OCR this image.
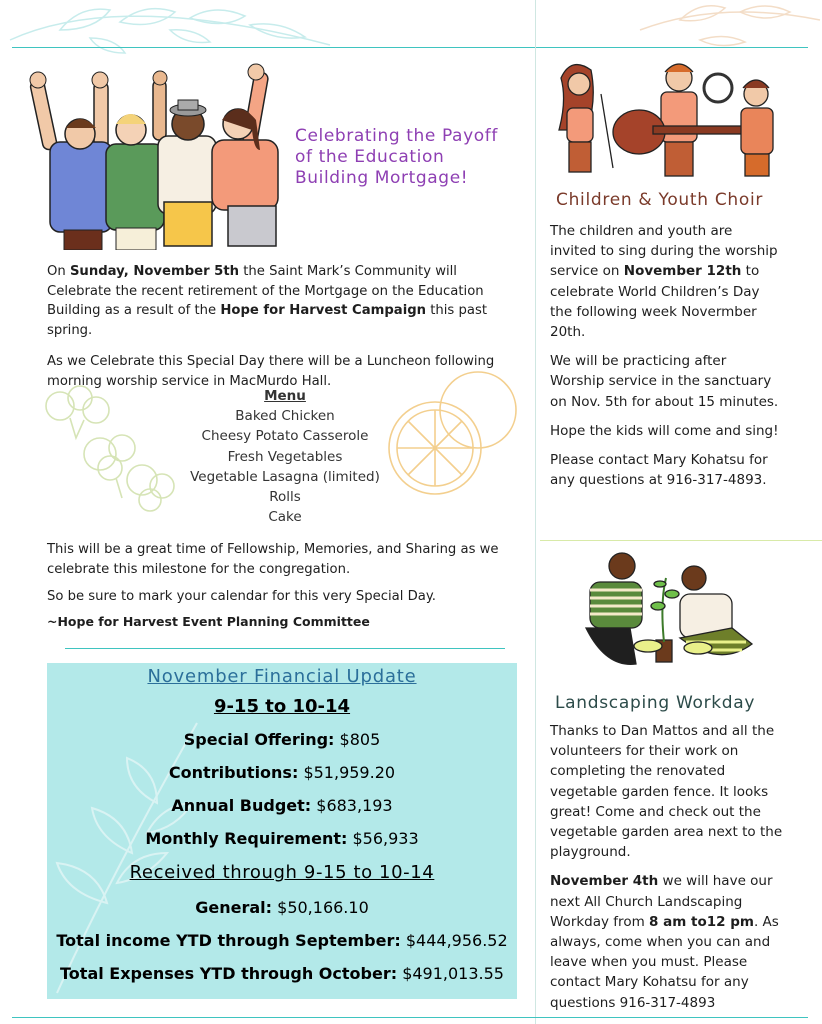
Celebrating the Payoff
of the Education
Building Mortgage!

On Sunday, November 5th the Saint Mark’s Community will Celebrate the recent retirement of the Mortgage on the Education Building as a result of the Hope for Harvest Campaign this past spring.

As we Celebrate this Special Day there will be a Luncheon following morning worship service in MacMurdo Hall.

Menu
Baked Chicken
Cheesy Potato Casserole
Fresh Vegetables
Vegetable Lasagna (limited)
Rolls
Cake

This will be a great time of Fellowship, Memories, and Sharing as we celebrate this milestone for the congregation.

So be sure to mark your calendar for this very Special Day.

~Hope for Harvest Event Planning Committee

November Financial Update
9-15 to 10-14
Special Offering: $805
Contributions: $51,959.20
Annual Budget: $683,193
Monthly Requirement: $56,933
Received through 9-15 to 10-14
General: $50,166.10
Total income YTD through September: $444,956.52
Total Expenses YTD through October: $491,013.55
Children & Youth Choir

The children and youth are invited to sing during the worship service on November 12th to celebrate World Children’s Day the following week Novermber 20th.

We will be practicing after Worship service in the sanctuary on Nov. 5th for about 15 minutes.

Hope the kids will come and sing!

Please contact Mary Kohatsu for any questions at 916-317-4893.

Landscaping Workday

Thanks to Dan Mattos and all the volunteers for their work on completing the renovated vegetable garden fence. It looks great! Come and check out the vegetable garden area next to the playground.

November 4th we will have our next All Church Landscaping Workday from 8 am to12 pm. As always, come when you can and leave when you must. Please contact Mary Kohatsu for any questions 916-317-4893
